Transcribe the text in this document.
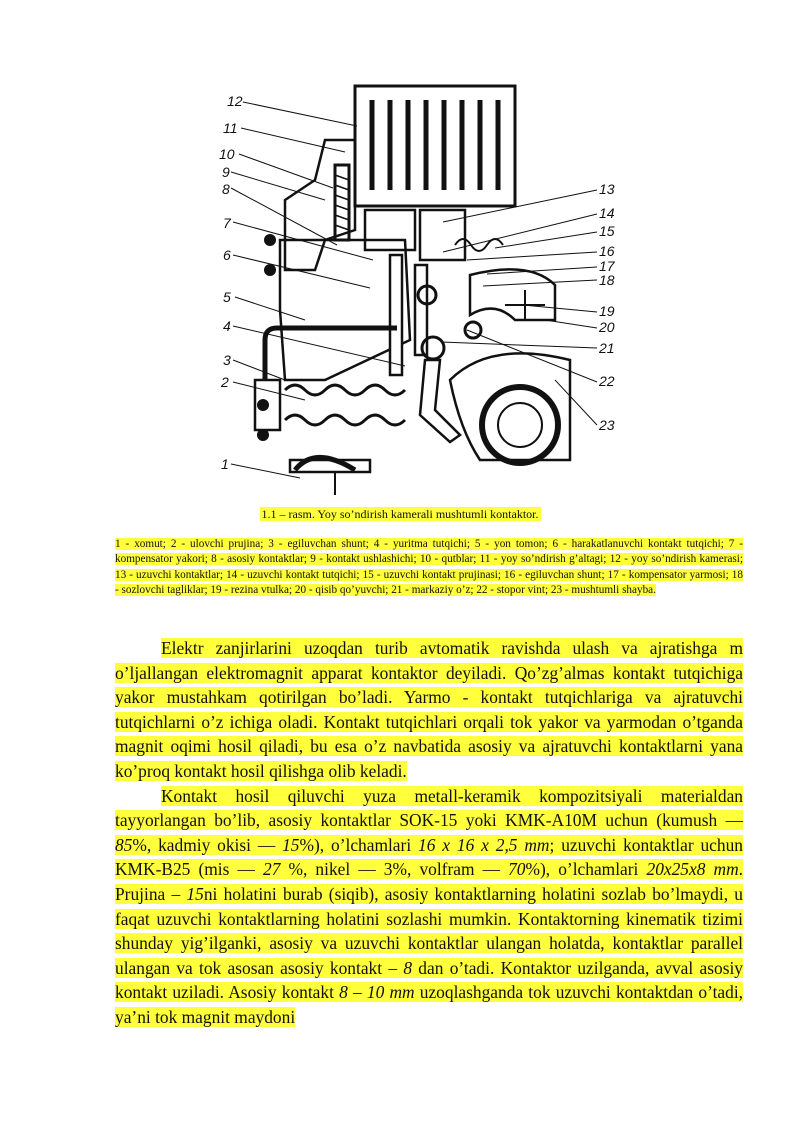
12
11
10
9
8
7
6
5
4
3
2
1
13
14
15
16
17
18
19
20
21
22
23
1.1 – rasm. Yoy so’ndirish kamerali mushtumli kontaktor.
1 - xomut; 2 - ulovchi prujina; 3 - egiluvchan shunt; 4 - yuritma tutqichi; 5 - yon tomon; 6 - harakatlanuvchi kontakt tutqichi; 7 - kompensator yakori; 8 - asosiy kontaktlar; 9 - kontakt ushlashichi; 10 - qutblar; 11 - yoy so’ndirish g’altagi; 12 - yoy so’ndirish kamerasi; 13 - uzuvchi kontaktlar; 14 - uzuvchi kontakt tutqichi; 15 - uzuvchi kontakt prujinasi; 16 - egiluvchan shunt; 17 - kompensator yarmosi; 18 - sozlovchi tagliklar; 19 - rezina vtulka; 20 - qisib qo’yuvchi; 21 - markaziy o’z; 22 - stopor vint; 23 - mushtumli shayba.

Elektr zanjirlarini uzoqdan turib avtomatik ravishda ulash va ajratishga m o’ljallangan elektromagnit apparat kontaktor deyiladi. Qo’zg’almas kontakt tutqichiga yakor mustahkam qotirilgan bo’ladi. Yarmo - kontakt tutqichlariga va ajratuvchi tutqichlarni o’z ichiga oladi. Kontakt tutqichlari orqali tok yakor va yarmodan o’tganda magnit oqimi hosil qiladi, bu esa o’z navbatida asosiy va ajratuvchi kontaktlarni yana ko’proq kontakt hosil qilishga olib keladi.

Kontakt hosil qiluvchi yuza metall-keramik kompozitsiyali materialdan tayyorlangan bo’lib, asosiy kontaktlar SOK-15 yoki KMK-A10M uchun (kumush — 85%, kadmiy okisi — 15%), o’lchamlari 16 x 16 x 2,5 mm; uzuvchi kontaktlar uchun KMK-B25 (mis — 27 %, nikel — 3%, volfram — 70%), o’lchamlari 20x25x8 mm. Prujina – 15ni holatini burab (siqib), asosiy kontaktlarning holatini sozlab bo’lmaydi, u faqat uzuvchi kontaktlarning holatini sozlashi mumkin. Kontaktorning kinematik tizimi shunday yig’ilganki, asosiy va uzuvchi kontaktlar ulangan holatda, kontaktlar parallel ulangan va tok asosan asosiy kontakt – 8 dan o’tadi. Kontaktor uzilganda, avval asosiy kontakt uziladi. Asosiy kontakt 8 – 10 mm uzoqlashganda tok uzuvchi kontaktdan o’tadi, ya’ni tok magnit maydoni
